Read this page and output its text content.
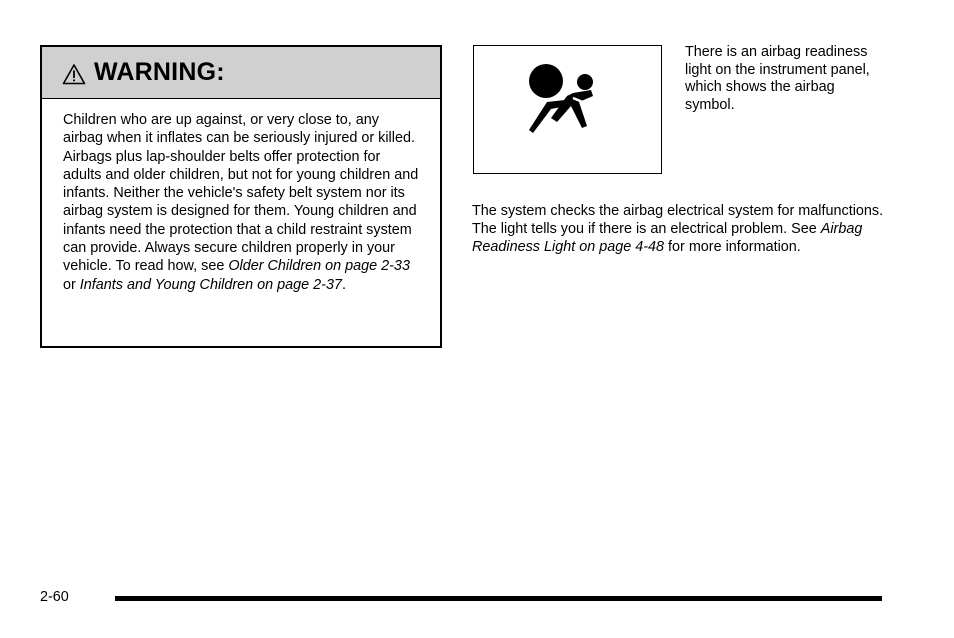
WARNING:
Children who are up against, or very close to, any airbag when it inflates can be seriously injured or killed. Airbags plus lap-shoulder belts offer protection for adults and older children, but not for young children and infants. Neither the vehicle's safety belt system nor its airbag system is designed for them. Young children and infants need the protection that a child restraint system can provide. Always secure children properly in your vehicle. To read how, see Older Children on page 2-33 or Infants and Young Children on page 2-37.
There is an airbag readiness light on the instrument panel, which shows the airbag symbol.
The system checks the airbag electrical system for malfunctions. The light tells you if there is an electrical problem. See Airbag Readiness Light on page 4-48 for more information.
2-60
